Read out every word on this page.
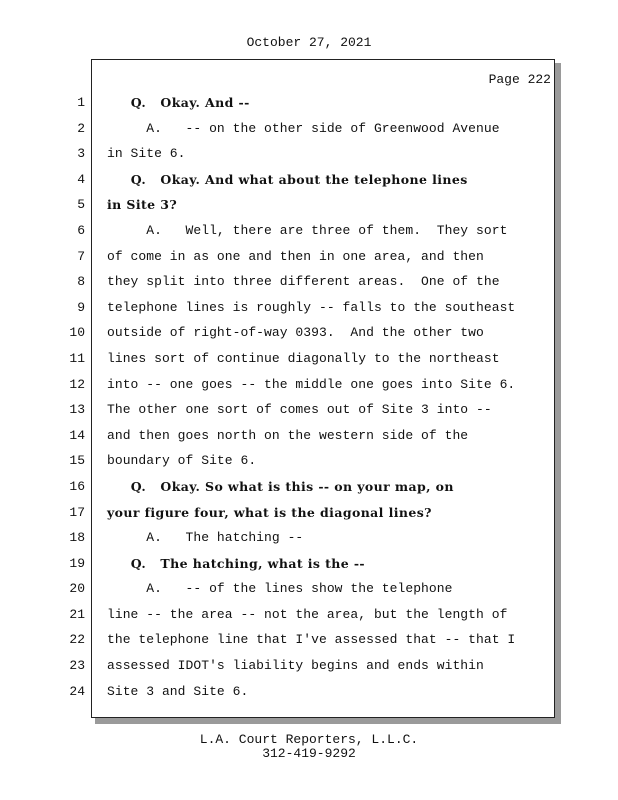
October 27, 2021
Page 222
1 Q.   Okay. And --
2 A.   -- on the other side of Greenwood Avenue
3 in Site 6.
4 Q.   Okay. And what about the telephone lines
5 in Site 3?
6 A.   Well, there are three of them.  They sort
7 of come in as one and then in one area, and then
8 they split into three different areas.  One of the
9 telephone lines is roughly -- falls to the southeast
10 outside of right-of-way 0393.  And the other two
11 lines sort of continue diagonally to the northeast
12 into -- one goes -- the middle one goes into Site 6.
13 The other one sort of comes out of Site 3 into --
14 and then goes north on the western side of the
15 boundary of Site 6.
16 Q.   Okay. So what is this -- on your map, on
17 your figure four, what is the diagonal lines?
18 A.   The hatching --
19 Q.   The hatching, what is the --
20 A.   -- of the lines show the telephone
21 line -- the area -- not the area, but the length of
22 the telephone line that I've assessed that -- that I
23 assessed IDOT's liability begins and ends within
24 Site 3 and Site 6.
L.A. Court Reporters, L.L.C.
312-419-9292
